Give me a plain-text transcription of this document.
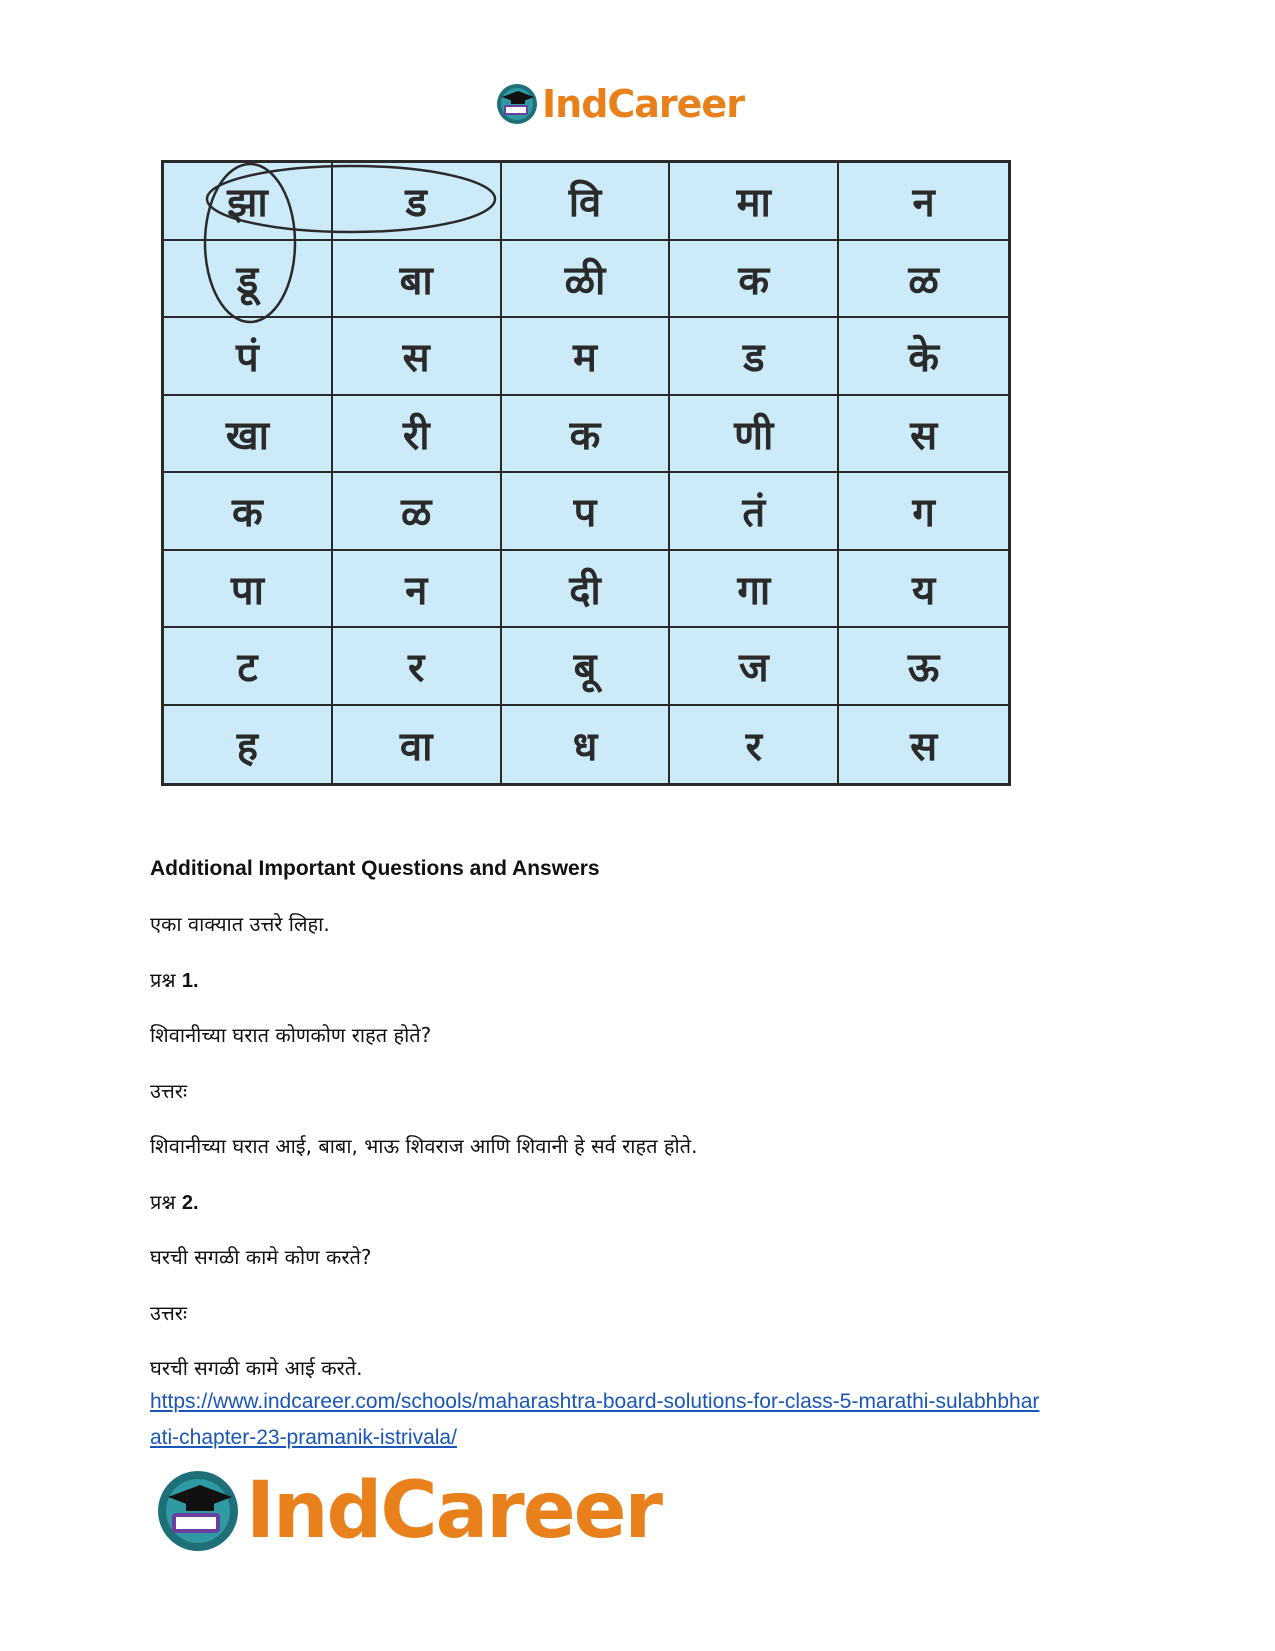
IndCareer
झा	ड	वि	मा	न
डू	बा	ळी	क	ळ
पं	स	म	ड	के
खा	री	क	णी	स
क	ळ	प	तं	ग
पा	न	दी	गा	य
ट	र	बू	ज	ऊ
ह	वा	ध	र	स
Additional Important Questions and Answers
एका वाक्यात उत्तरे लिहा.
प्रश्न 1.
शिवानीच्या घरात कोणकोण राहत होते?
उत्तरः
शिवानीच्या घरात आई, बाबा, भाऊ शिवराज आणि शिवानी हे सर्व राहत होते.
प्रश्न 2.
घरची सगळी कामे कोण करते?
उत्तरः
घरची सगळी कामे आई करते.
https://www.indcareer.com/schools/maharashtra-board-solutions-for-class-5-marathi-sulabhbhar
ati-chapter-23-pramanik-istrivala/
IndCareer
